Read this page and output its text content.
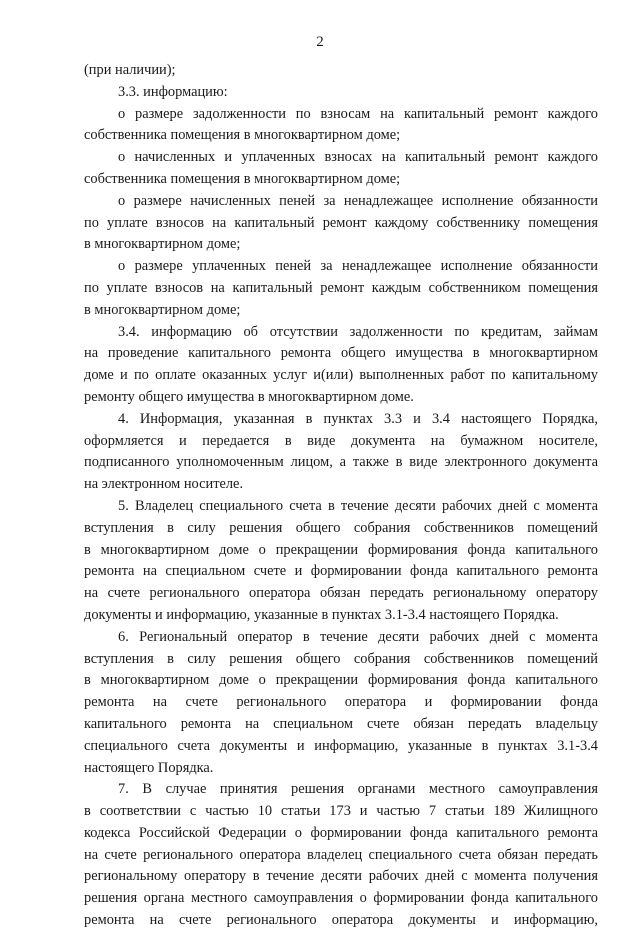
2
(при наличии);
3.3. информацию:
о размере задолженности по взносам на капитальный ремонт каждого
собственника помещения в многоквартирном доме;
о начисленных и уплаченных взносах на капитальный ремонт каждого
собственника помещения в многоквартирном доме;
о размере начисленных пеней за ненадлежащее исполнение обязанности
по уплате взносов на капитальный ремонт каждому собственнику помещения
в многоквартирном доме;
о размере уплаченных пеней за ненадлежащее исполнение обязанности
по уплате взносов на капитальный ремонт каждым собственником помещения
в многоквартирном доме;
3.4. информацию об отсутствии задолженности по кредитам, займам
на проведение капитального ремонта общего имущества в многоквартирном
доме и по оплате оказанных услуг и(или) выполненных работ по капитальному
ремонту общего имущества в многоквартирном доме.
4. Информация, указанная в пунктах 3.3 и 3.4 настоящего Порядка,
оформляется и передается в виде документа на бумажном носителе,
подписанного уполномоченным лицом, а также в виде электронного документа
на электронном носителе.
5. Владелец специального счета в течение десяти рабочих дней с момента
вступления в силу решения общего собрания собственников помещений
в многоквартирном доме о прекращении формирования фонда капитального
ремонта на специальном счете и формировании фонда капитального ремонта
на счете регионального оператора обязан передать региональному оператору
документы и информацию, указанные в пунктах 3.1-3.4 настоящего Порядка.
6. Региональный оператор в течение десяти рабочих дней с момента
вступления в силу решения общего собрания собственников помещений
в многоквартирном доме о прекращении формирования фонда капитального
ремонта на счете регионального оператора и формировании фонда
капитального ремонта на специальном счете обязан передать владельцу
специального счета документы и информацию, указанные в пунктах 3.1-3.4
настоящего Порядка.
7. В случае принятия решения органами местного самоуправления
в соответствии с частью 10 статьи 173 и частью 7 статьи 189 Жилищного
кодекса Российской Федерации о формировании фонда капитального ремонта
на счете регионального оператора владелец специального счета обязан передать
региональному оператору в течение десяти рабочих дней с момента получения
решения органа местного самоуправления о формировании фонда капитального
ремонта на счете регионального оператора документы и информацию,
